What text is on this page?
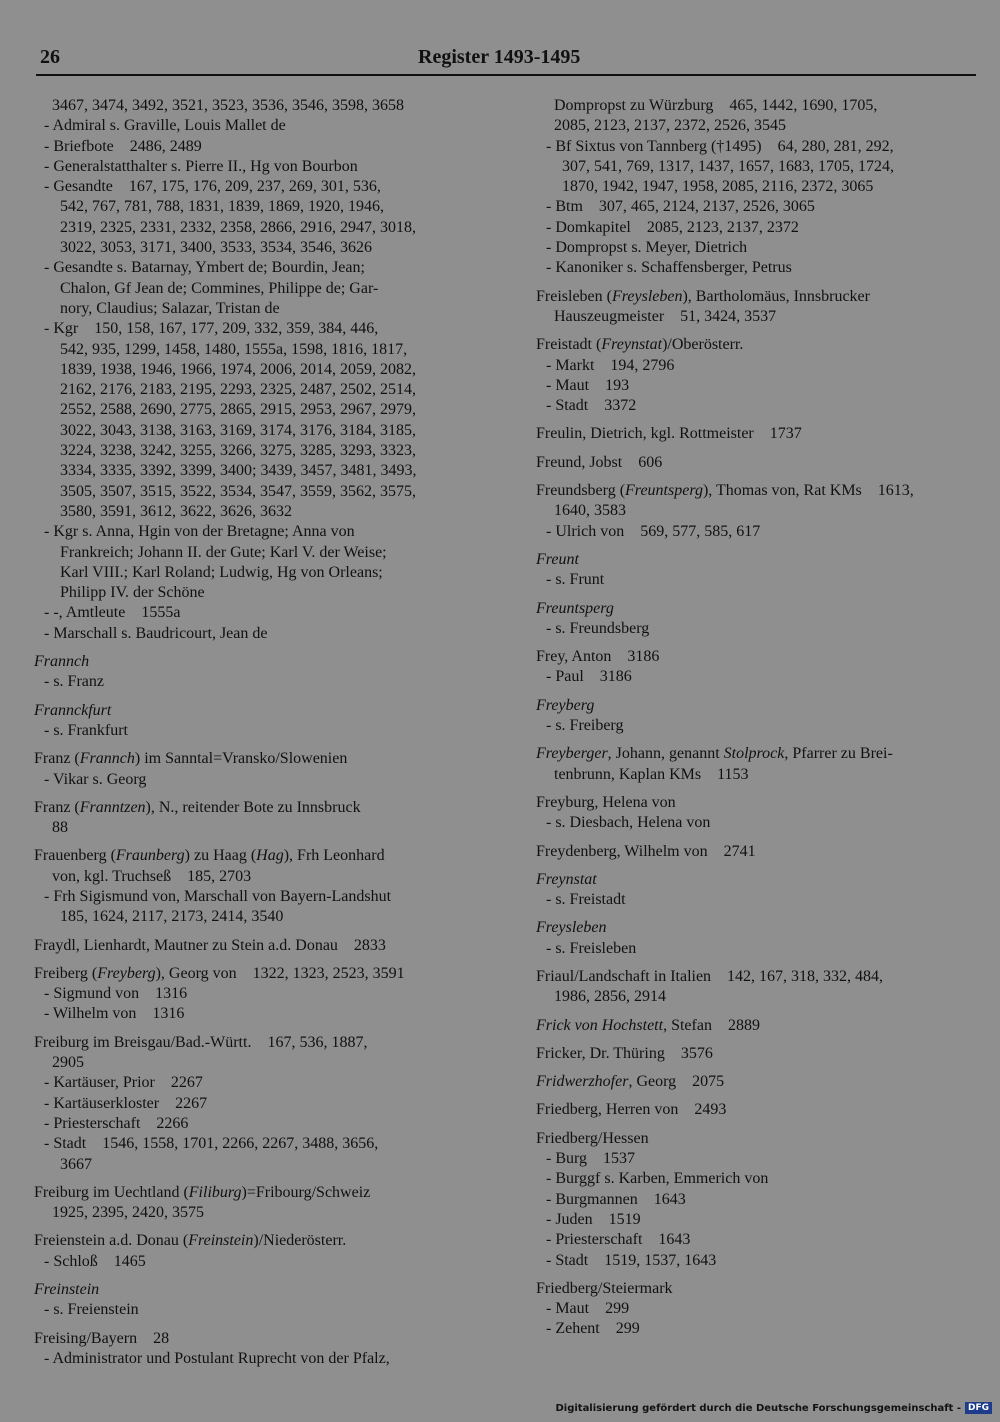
26	Register 1493-1495
3467, 3474, 3492, 3521, 3523, 3536, 3546, 3598, 3658
- Admiral s. Graville, Louis Mallet de
- Briefbote    2486, 2489
- Generalstatthalter s. Pierre II., Hg von Bourbon
- Gesandte    167, 175, 176, 209, 237, 269, 301, 536,
542, 767, 781, 788, 1831, 1839, 1869, 1920, 1946,
2319, 2325, 2331, 2332, 2358, 2866, 2916, 2947, 3018,
3022, 3053, 3171, 3400, 3533, 3534, 3546, 3626
- Gesandte s. Batarnay, Ymbert de; Bourdin, Jean;
Chalon, Gf Jean de; Commines, Philippe de; Gar-
nory, Claudius; Salazar, Tristan de
- Kgr    150, 158, 167, 177, 209, 332, 359, 384, 446,
542, 935, 1299, 1458, 1480, 1555a, 1598, 1816, 1817,
1839, 1938, 1946, 1966, 1974, 2006, 2014, 2059, 2082,
2162, 2176, 2183, 2195, 2293, 2325, 2487, 2502, 2514,
2552, 2588, 2690, 2775, 2865, 2915, 2953, 2967, 2979,
3022, 3043, 3138, 3163, 3169, 3174, 3176, 3184, 3185,
3224, 3238, 3242, 3255, 3266, 3275, 3285, 3293, 3323,
3334, 3335, 3392, 3399, 3400; 3439, 3457, 3481, 3493,
3505, 3507, 3515, 3522, 3534, 3547, 3559, 3562, 3575,
3580, 3591, 3612, 3622, 3626, 3632
- Kgr s. Anna, Hgin von der Bretagne; Anna von
Frankreich; Johann II. der Gute; Karl V. der Weise;
Karl VIII.; Karl Roland; Ludwig, Hg von Orleans;
Philipp IV. der Schöne
- -, Amtleute    1555a
- Marschall s. Baudricourt, Jean de
Frannch
- s. Franz
Frannckfurt
- s. Frankfurt
Franz (Frannch) im Sanntal=Vransko/Slowenien
- Vikar s. Georg
Franz (Franntzen), N., reitender Bote zu Innsbruck
88
Frauenberg (Fraunberg) zu Haag (Hag), Frh Leonhard
von, kgl. Truchseß    185, 2703
- Frh Sigismund von, Marschall von Bayern-Landshut
185, 1624, 2117, 2173, 2414, 3540
Fraydl, Lienhardt, Mautner zu Stein a.d. Donau    2833
Freiberg (Freyberg), Georg von    1322, 1323, 2523, 3591
- Sigmund von    1316
- Wilhelm von    1316
Freiburg im Breisgau/Bad.-Württ.    167, 536, 1887,
2905
- Kartäuser, Prior    2267
- Kartäuserkloster    2267
- Priesterschaft    2266
- Stadt    1546, 1558, 1701, 2266, 2267, 3488, 3656,
3667
Freiburg im Uechtland (Filiburg)=Fribourg/Schweiz
1925, 2395, 2420, 3575
Freienstein a.d. Donau (Freinstein)/Niederösterr.
- Schloß    1465
Freinstein
- s. Freienstein
Freising/Bayern    28
- Administrator und Postulant Ruprecht von der Pfalz,
Dompropst zu Würzburg    465, 1442, 1690, 1705,
2085, 2123, 2137, 2372, 2526, 3545
- Bf Sixtus von Tannberg (†1495)    64, 280, 281, 292,
307, 541, 769, 1317, 1437, 1657, 1683, 1705, 1724,
1870, 1942, 1947, 1958, 2085, 2116, 2372, 3065
- Btm    307, 465, 2124, 2137, 2526, 3065
- Domkapitel    2085, 2123, 2137, 2372
- Dompropst s. Meyer, Dietrich
- Kanoniker s. Schaffensberger, Petrus
Freisleben (Freysleben), Bartholomäus, Innsbrucker
Hauszeugmeister    51, 3424, 3537
Freistadt (Freynstat)/Oberösterr.
- Markt    194, 2796
- Maut    193
- Stadt    3372
Freulin, Dietrich, kgl. Rottmeister    1737
Freund, Jobst    606
Freundsberg (Freuntsperg), Thomas von, Rat KMs    1613,
1640, 3583
- Ulrich von    569, 577, 585, 617
Freunt
- s. Frunt
Freuntsperg
- s. Freundsberg
Frey, Anton    3186
- Paul    3186
Freyberg
- s. Freiberg
Freyberger, Johann, genannt Stolprock, Pfarrer zu Brei-
tenbrunn, Kaplan KMs    1153
Freyburg, Helena von
- s. Diesbach, Helena von
Freydenberg, Wilhelm von    2741
Freynstat
- s. Freistadt
Freysleben
- s. Freisleben
Friaul/Landschaft in Italien    142, 167, 318, 332, 484,
1986, 2856, 2914
Frick von Hochstett, Stefan    2889
Fricker, Dr. Thüring    3576
Fridwerzhofer, Georg    2075
Friedberg, Herren von    2493
Friedberg/Hessen
- Burg    1537
- Burggf s. Karben, Emmerich von
- Burgmannen    1643
- Juden    1519
- Priesterschaft    1643
- Stadt    1519, 1537, 1643
Friedberg/Steiermark
- Maut    299
- Zehent    299
Digitalisierung gefördert durch die Deutsche Forschungsgemeinschaft - DFG
